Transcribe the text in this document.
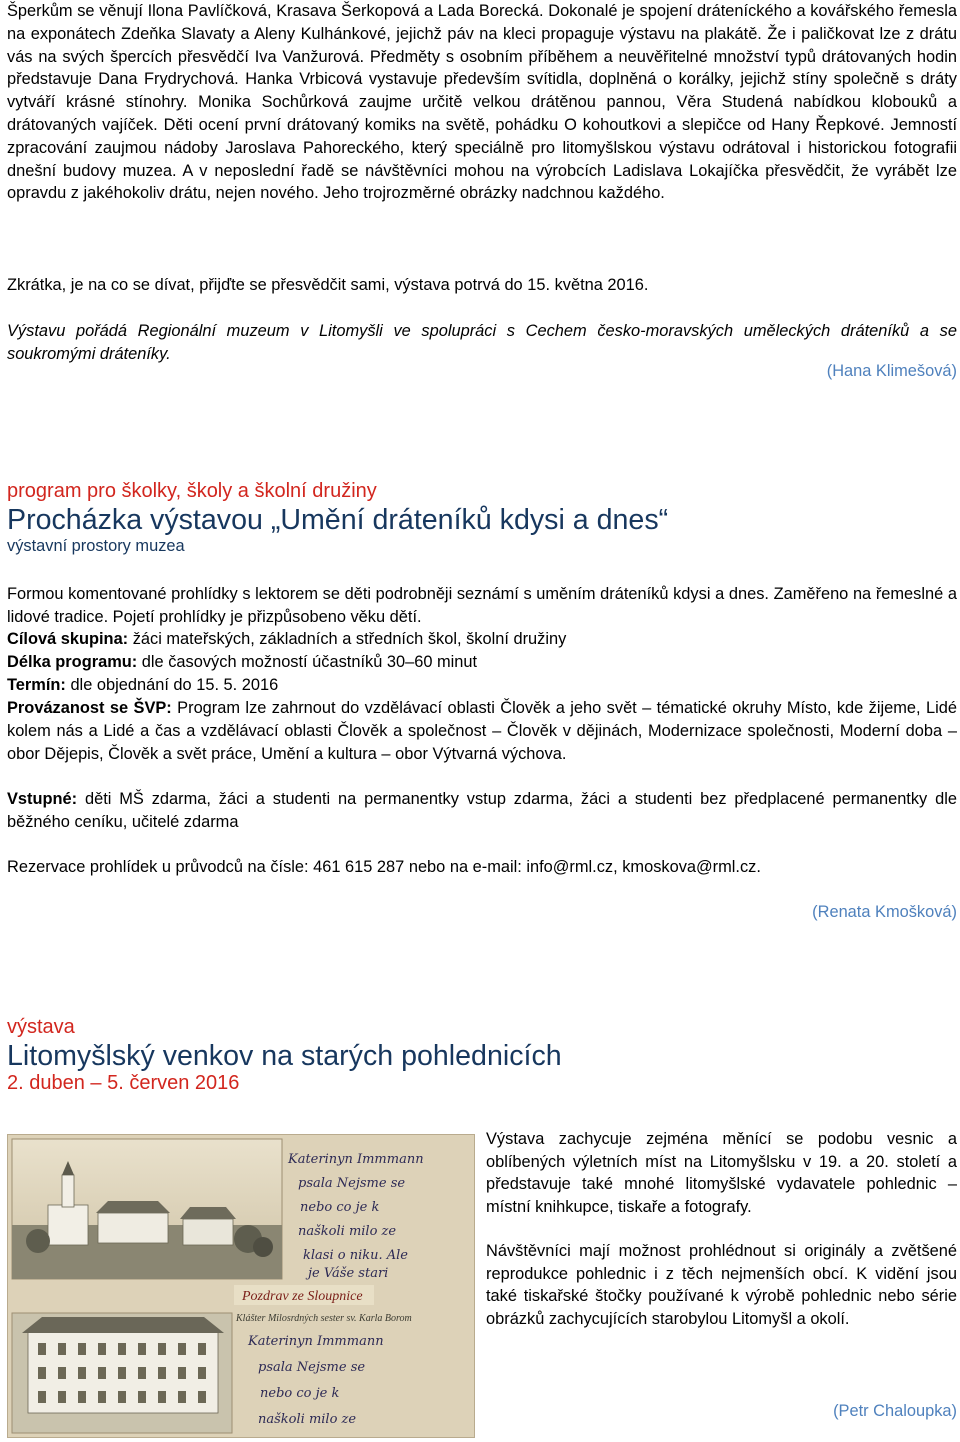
Šperkům se věnují Ilona Pavlíčková, Krasava Šerkopová a Lada Borecká. Dokonalé je spojení dráteníckého a kovářského řemesla na exponátech Zdeňka Slavaty a Aleny Kulhánkové, jejichž páv na kleci propaguje výstavu na plakátě. Že i paličkovat lze z drátu vás na svých špercích přesvědčí Iva Vanžurová. Předměty s osobním příběhem a neuvěřitelné množství typů drátovaných hodin představuje Dana Frydrychová. Hanka Vrbicová vystavuje především svítidla, doplněná o korálky, jejichž stíny společně s dráty vytváří krásné stínohry. Monika Sochůrková zaujme určitě velkou drátěnou pannou, Věra Studená nabídkou klobouků a drátovaných vajíček. Děti ocení první drátovaný komiks na světě, pohádku O kohoutkovi a slepičce od Hany Řepkové. Jemností zpracování zaujmou nádoby Jaroslava Pahoreckého, který speciálně pro litomyšlskou výstavu odrátoval i historickou fotografii dnešní budovy muzea. A v neposlední řadě se návštěvníci mohou na výrobcích Ladislava Lokajíčka přesvědčit, že vyrábět lze opravdu z jakéhokoliv drátu, nejen nového. Jeho trojrozměrné obrázky nadchnou každého.

Zkrátka, je na co se dívat, přijďte se přesvědčit sami, výstava potrvá do 15. května 2016.

Výstavu pořádá Regionální muzeum v Litomyšli ve spolupráci s Cechem česko-moravských uměleckých dráteníků a se soukromými dráteníky.

(Hana Klimešová)

program pro školky, školy a školní družiny
Procházka výstavou „Umění dráteníků kdysi a dnes“
výstavní prostory muzea

Formou komentované prohlídky s lektorem se děti podrobněji seznámí s uměním dráteníků kdysi a dnes. Zaměřeno na řemeslné a lidové tradice. Pojetí prohlídky je přizpůsobeno věku dětí.

Cílová skupina: žáci mateřských, základních a středních škol, školní družiny

Délka programu: dle časových možností účastníků 30–60 minut

Termín: dle objednání do 15. 5. 2016

Provázanost se ŠVP: Program lze zahrnout do vzdělávací oblasti Člověk a jeho svět – tématické okruhy Místo, kde žijeme, Lidé kolem nás a Lidé a čas a vzdělávací oblasti Člověk a společnost – Člověk v dějinách, Modernizace společnosti, Moderní doba – obor Dějepis, Člověk a svět práce, Umění a kultura – obor Výtvarná výchova.

Vstupné: děti MŠ zdarma, žáci a studenti na permanentky vstup zdarma, žáci a studenti bez předplacené permanentky dle běžného ceníku, učitelé zdarma

Rezervace prohlídek u průvodců na čísle: 461 615 287 nebo na e-mail: info@rml.cz, kmoskova@rml.cz.

(Renata Kmošková)

výstava
Litomyšlský venkov na starých pohlednicích
2. duben – 5. červen 2016
Pozdrav ze Sloupnice
Klášter Milosrdných sester sv. Karla Borom
Katerinyn Immmann
psala Nejsme se
nebo co je k
naškoli milo ze
klasi o niku. Ale
je Váše stari
Katerinyn Immmann
psala Nejsme se
nebo co je k
naškoli milo ze

Výstava zachycuje zejména měnící se podobu vesnic a oblíbených výletních míst na Litomyšlsku v 19. a 20. století a představuje také mnohé litomyšlské vydavatele pohlednic – místní knihkupce, tiskaře a fotografy.

Návštěvníci mají možnost prohlédnout si originály a zvětšené reprodukce pohlednic i z těch nejmenších obcí. K vidění jsou také tiskařské štočky používané k výrobě pohlednic nebo série obrázků zachycujících starobylou Litomyšl a okolí.

(Petr Chaloupka)
